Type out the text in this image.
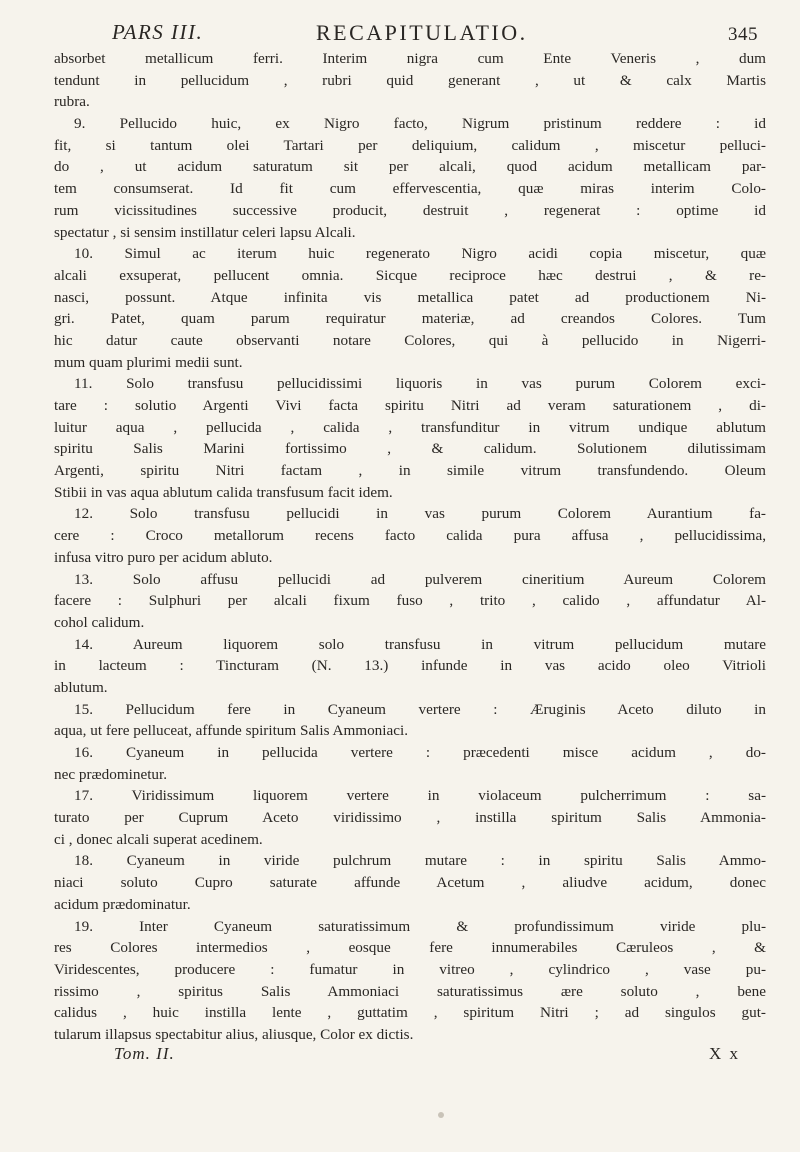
PARS III.	RECAPITULATIO.	345
absorbet metallicum ferri. Interim nigra cum Ente Veneris , dum
tendunt in pellucidum , rubri quid generant , ut & calx Martis
rubra.
9. Pellucido huic, ex Nigro facto, Nigrum pristinum reddere : id
fit, si tantum olei Tartari per deliquium, calidum , miscetur pelluci-
do , ut acidum saturatum sit per alcali, quod acidum metallicam par-
tem consumserat. Id fit cum effervescentia, quæ miras interim Colo-
rum vicissitudines successive producit, destruit , regenerat : optime id
spectatur , si sensim instillatur celeri lapsu Alcali.
10. Simul ac iterum huic regenerato Nigro acidi copia miscetur, quæ
alcali exsuperat, pellucent omnia. Sicque reciproce hæc destrui , & re-
nasci, possunt. Atque infinita vis metallica patet ad productionem Ni-
gri. Patet, quam parum requiratur materiæ, ad creandos Colores. Tum
hic datur caute observanti notare Colores, qui à pellucido in Nigerri-
mum quam plurimi medii sunt.
11. Solo transfusu pellucidissimi liquoris in vas purum Colorem exci-
tare : solutio Argenti Vivi facta spiritu Nitri ad veram saturationem , di-
luitur aqua , pellucida , calida , transfunditur in vitrum undique ablutum
spiritu Salis Marini fortissimo , & calidum. Solutionem dilutissimam
Argenti, spiritu Nitri factam , in simile vitrum transfundendo. Oleum
Stibii in vas aqua ablutum calida transfusum facit idem.
12. Solo transfusu pellucidi in vas purum Colorem Aurantium fa-
cere : Croco metallorum recens facto calida pura affusa , pellucidissima,
infusa vitro puro per acidum abluto.
13. Solo affusu pellucidi ad pulverem cineritium Aureum Colorem
facere : Sulphuri per alcali fixum fuso , trito , calido , affundatur Al-
cohol calidum.
14. Aureum liquorem solo transfusu in vitrum pellucidum mutare
in lacteum : Tincturam (N. 13.) infunde in vas acido oleo Vitrioli
ablutum.
15. Pellucidum fere in Cyaneum vertere : Æruginis Aceto diluto in
aqua, ut fere pelluceat, affunde spiritum Salis Ammoniaci.
16. Cyaneum in pellucida vertere : præcedenti misce acidum , do-
nec prædominetur.
17. Viridissimum liquorem vertere in violaceum pulcherrimum : sa-
turato per Cuprum Aceto viridissimo , instilla spiritum Salis Ammonia-
ci , donec alcali superat acedinem.
18. Cyaneum in viride pulchrum mutare : in spiritu Salis Ammo-
niaci soluto Cupro saturate affunde Acetum , aliudve acidum, donec
acidum prædominatur.
19. Inter Cyaneum saturatissimum & profundissimum viride plu-
res Colores intermedios , eosque fere innumerabiles Cæruleos , &
Viridescentes, producere : fumatur in vitreo , cylindrico , vase pu-
rissimo , spiritus Salis Ammoniaci saturatissimus ære soluto , bene
calidus , huic instilla lente , guttatim , spiritum Nitri ; ad singulos gut-
tularum illapsus spectabitur alius, aliusque, Color ex dictis.
Tom. II.	X x
